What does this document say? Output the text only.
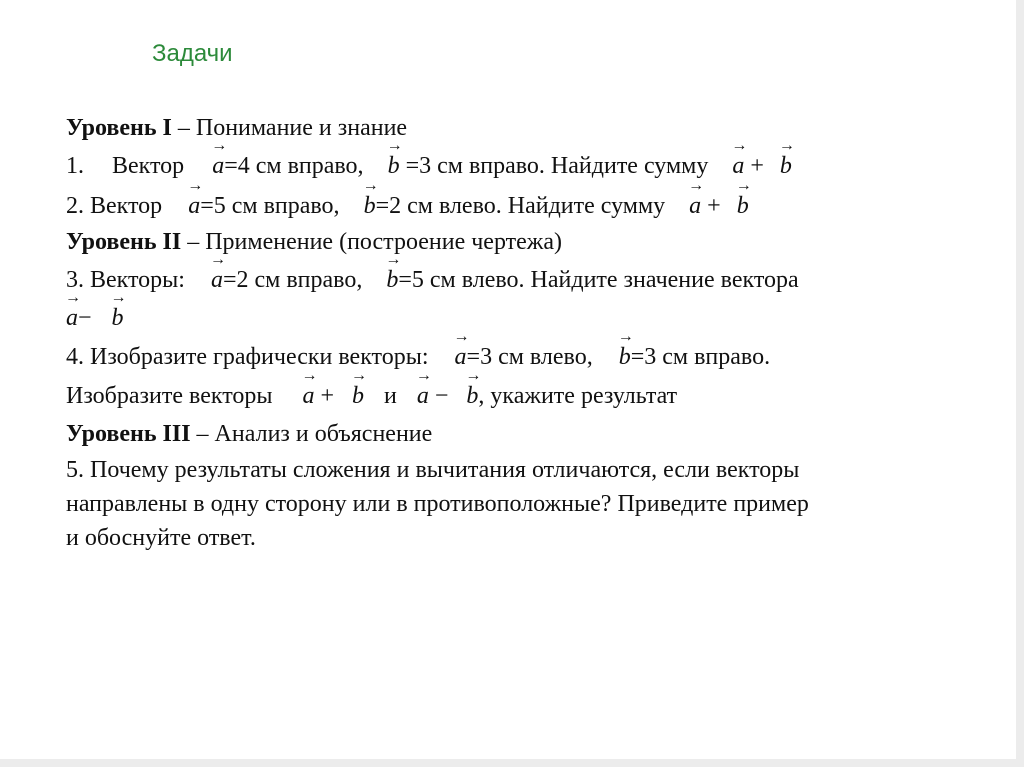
Задачи
Уровень I – Понимание и знание
1. Вектор → a=4 см вправо, → b =3 см вправо. Найдите сумму → a + → b
2. Вектор → a=5 см вправо, → b=2 см влево. Найдите сумму → a + → b
Уровень II – Применение (построение чертежа)
3. Векторы: → a=2 см вправо, → b=5 см влево. Найдите значение вектора
→ a− → b
4. Изобразите графически векторы: → a=3 см влево, → b=3 см вправо.
Изобразите векторы → a + → b и → a − → b, укажите результат
Уровень III – Анализ и объяснение
5. Почему результаты сложения и вычитания отличаются, если векторы
направлены в одну сторону или в противоположные? Приведите пример
и обоснуйте ответ.
